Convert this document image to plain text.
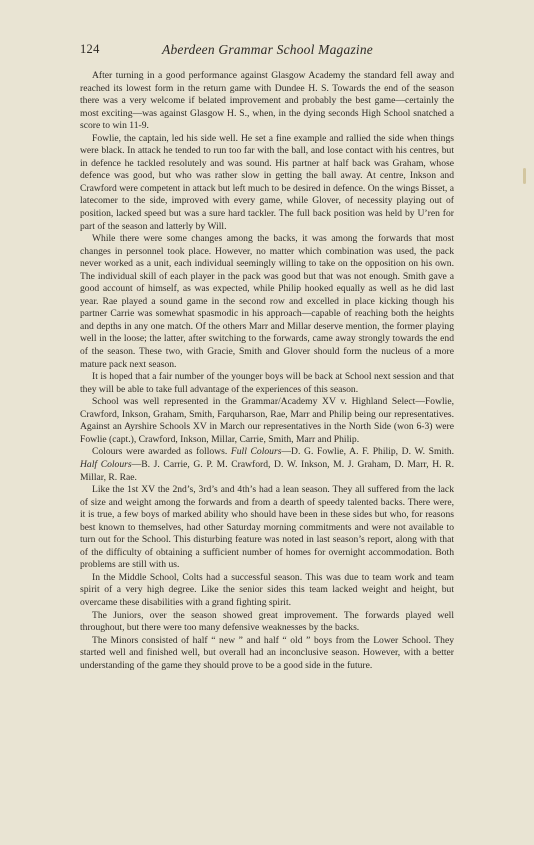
124	Aberdeen Grammar School Magazine

After turning in a good performance against Glasgow Academy the standard fell away and reached its lowest form in the return game with Dundee H. S. Towards the end of the season there was a very welcome if belated improvement and probably the best game—certainly the most exciting—was against Glasgow H. S., when, in the dying seconds High School snatched a score to win 11-9.

Fowlie, the captain, led his side well. He set a fine example and rallied the side when things were black. In attack he tended to run too far with the ball, and lose contact with his centres, but in defence he tackled resolutely and was sound. His partner at half back was Graham, whose defence was good, but who was rather slow in getting the ball away. At centre, Inkson and Crawford were competent in attack but left much to be desired in defence. On the wings Bisset, a latecomer to the side, improved with every game, while Glover, of necessity playing out of position, lacked speed but was a sure hard tackler. The full back position was held by U’ren for part of the season and latterly by Will.

While there were some changes among the backs, it was among the forwards that most changes in personnel took place. However, no matter which combination was used, the pack never worked as a unit, each individual seemingly willing to take on the opposition on his own. The individual skill of each player in the pack was good but that was not enough. Smith gave a good account of himself, as was expected, while Philip hooked equally as well as he did last year. Rae played a sound game in the second row and excelled in place kicking though his partner Carrie was somewhat spasmodic in his approach—capable of reaching both the heights and depths in any one match. Of the others Marr and Millar deserve mention, the former playing well in the loose; the latter, after switching to the forwards, came away strongly towards the end of the season. These two, with Gracie, Smith and Glover should form the nucleus of a more mature pack next season.

It is hoped that a fair number of the younger boys will be back at School next session and that they will be able to take full advantage of the experiences of this season.

School was well represented in the Grammar/Academy XV v. Highland Select—Fowlie, Crawford, Inkson, Graham, Smith, Farquharson, Rae, Marr and Philip being our representatives. Against an Ayrshire Schools XV in March our representatives in the North Side (won 6-3) were Fowlie (capt.), Crawford, Inkson, Millar, Carrie, Smith, Marr and Philip.

Colours were awarded as follows. Full Colours—D. G. Fowlie, A. F. Philip, D. W. Smith. Half Colours—B. J. Carrie, G. P. M. Crawford, D. W. Inkson, M. J. Graham, D. Marr, H. R. Millar, R. Rae.

Like the 1st XV the 2nd’s, 3rd’s and 4th’s had a lean season. They all suffered from the lack of size and weight among the forwards and from a dearth of speedy talented backs. There were, it is true, a few boys of marked ability who should have been in these sides but who, for reasons best known to themselves, had other Saturday morning commitments and were not available to turn out for the School. This disturbing feature was noted in last season’s report, along with that of the difficulty of obtaining a sufficient number of homes for overnight accommodation. Both problems are still with us.

In the Middle School, Colts had a successful season. This was due to team work and team spirit of a very high degree. Like the senior sides this team lacked weight and height, but overcame these disabilities with a grand fighting spirit.

The Juniors, over the season showed great improvement. The forwards played well throughout, but there were too many defensive weaknesses by the backs.

The Minors consisted of half “ new ” and half “ old ” boys from the Lower School. They started well and finished well, but overall had an inconclusive season. However, with a better understanding of the game they should prove to be a good side in the future.
